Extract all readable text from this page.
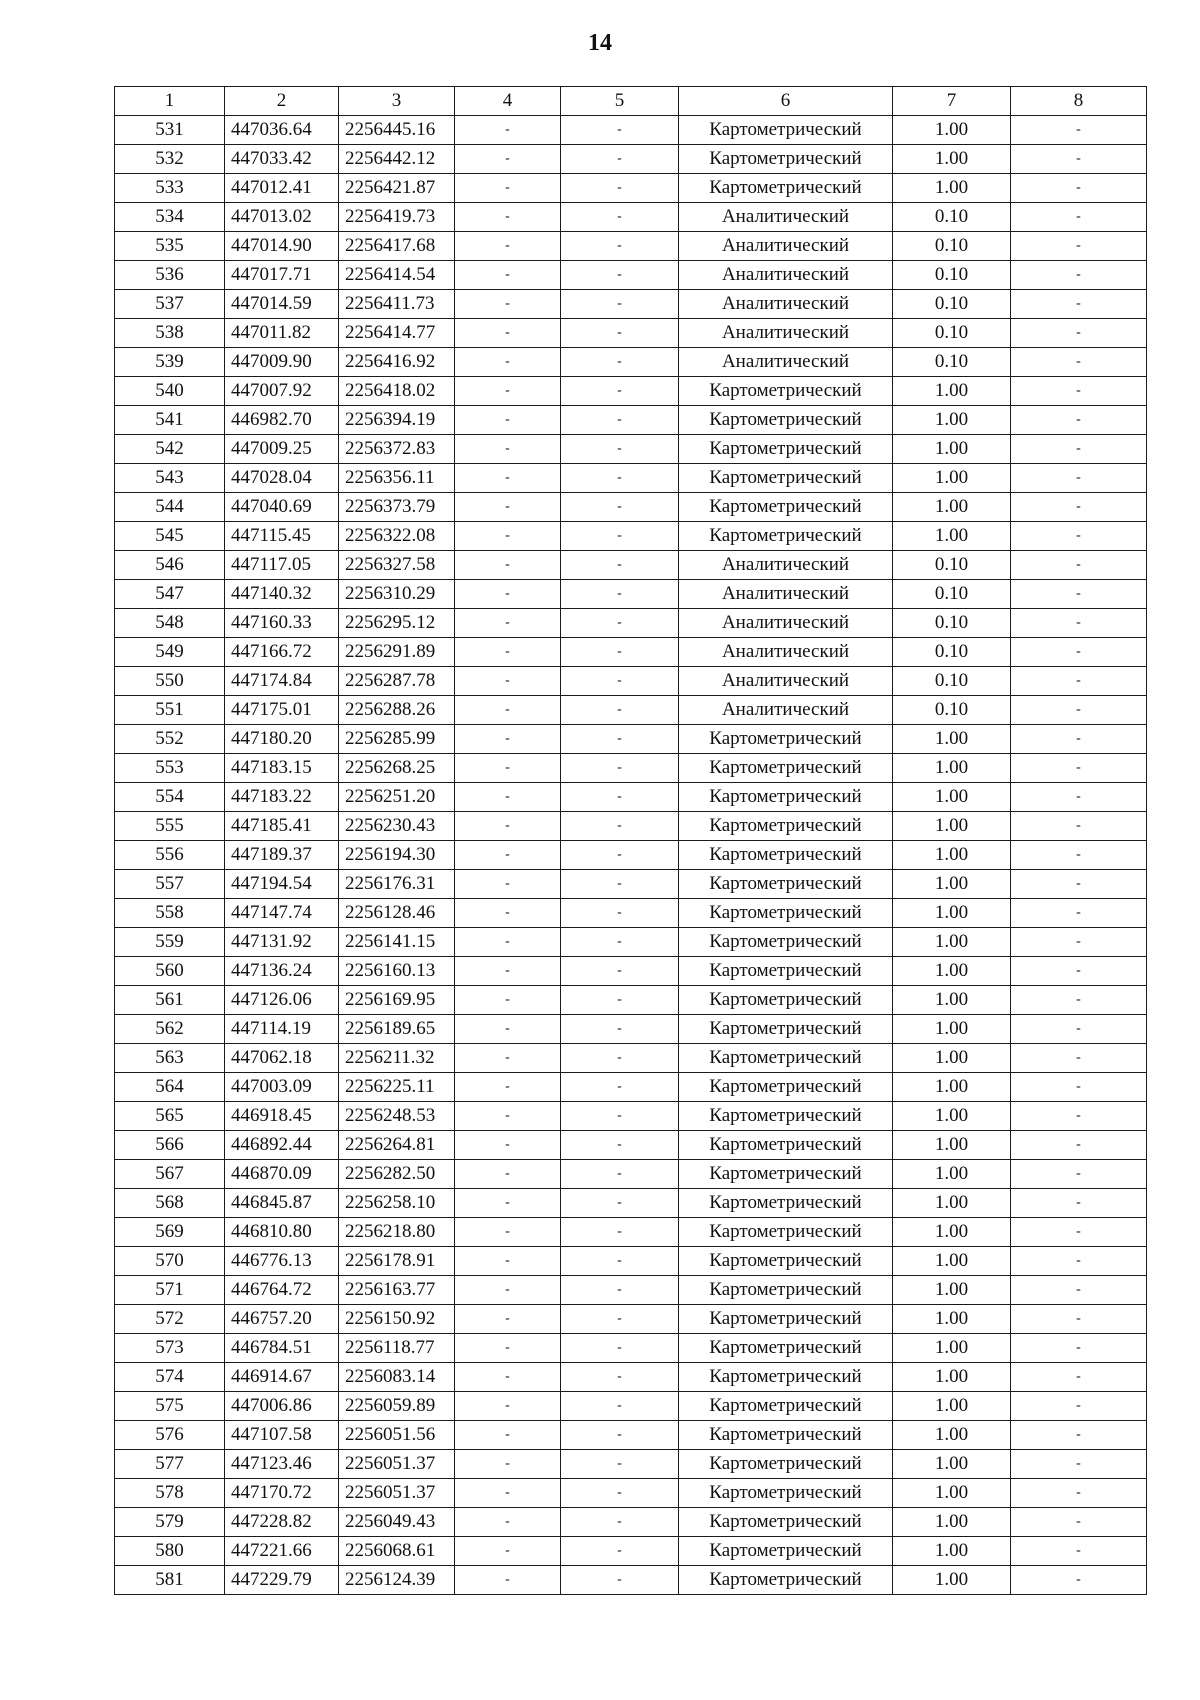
14
1	2	3	4	5	6	7	8
531	447036.64	2256445.16	-	-	Картометрический	1.00	-
532	447033.42	2256442.12	-	-	Картометрический	1.00	-
533	447012.41	2256421.87	-	-	Картометрический	1.00	-
534	447013.02	2256419.73	-	-	Аналитический	0.10	-
535	447014.90	2256417.68	-	-	Аналитический	0.10	-
536	447017.71	2256414.54	-	-	Аналитический	0.10	-
537	447014.59	2256411.73	-	-	Аналитический	0.10	-
538	447011.82	2256414.77	-	-	Аналитический	0.10	-
539	447009.90	2256416.92	-	-	Аналитический	0.10	-
540	447007.92	2256418.02	-	-	Картометрический	1.00	-
541	446982.70	2256394.19	-	-	Картометрический	1.00	-
542	447009.25	2256372.83	-	-	Картометрический	1.00	-
543	447028.04	2256356.11	-	-	Картометрический	1.00	-
544	447040.69	2256373.79	-	-	Картометрический	1.00	-
545	447115.45	2256322.08	-	-	Картометрический	1.00	-
546	447117.05	2256327.58	-	-	Аналитический	0.10	-
547	447140.32	2256310.29	-	-	Аналитический	0.10	-
548	447160.33	2256295.12	-	-	Аналитический	0.10	-
549	447166.72	2256291.89	-	-	Аналитический	0.10	-
550	447174.84	2256287.78	-	-	Аналитический	0.10	-
551	447175.01	2256288.26	-	-	Аналитический	0.10	-
552	447180.20	2256285.99	-	-	Картометрический	1.00	-
553	447183.15	2256268.25	-	-	Картометрический	1.00	-
554	447183.22	2256251.20	-	-	Картометрический	1.00	-
555	447185.41	2256230.43	-	-	Картометрический	1.00	-
556	447189.37	2256194.30	-	-	Картометрический	1.00	-
557	447194.54	2256176.31	-	-	Картометрический	1.00	-
558	447147.74	2256128.46	-	-	Картометрический	1.00	-
559	447131.92	2256141.15	-	-	Картометрический	1.00	-
560	447136.24	2256160.13	-	-	Картометрический	1.00	-
561	447126.06	2256169.95	-	-	Картометрический	1.00	-
562	447114.19	2256189.65	-	-	Картометрический	1.00	-
563	447062.18	2256211.32	-	-	Картометрический	1.00	-
564	447003.09	2256225.11	-	-	Картометрический	1.00	-
565	446918.45	2256248.53	-	-	Картометрический	1.00	-
566	446892.44	2256264.81	-	-	Картометрический	1.00	-
567	446870.09	2256282.50	-	-	Картометрический	1.00	-
568	446845.87	2256258.10	-	-	Картометрический	1.00	-
569	446810.80	2256218.80	-	-	Картометрический	1.00	-
570	446776.13	2256178.91	-	-	Картометрический	1.00	-
571	446764.72	2256163.77	-	-	Картометрический	1.00	-
572	446757.20	2256150.92	-	-	Картометрический	1.00	-
573	446784.51	2256118.77	-	-	Картометрический	1.00	-
574	446914.67	2256083.14	-	-	Картометрический	1.00	-
575	447006.86	2256059.89	-	-	Картометрический	1.00	-
576	447107.58	2256051.56	-	-	Картометрический	1.00	-
577	447123.46	2256051.37	-	-	Картометрический	1.00	-
578	447170.72	2256051.37	-	-	Картометрический	1.00	-
579	447228.82	2256049.43	-	-	Картометрический	1.00	-
580	447221.66	2256068.61	-	-	Картометрический	1.00	-
581	447229.79	2256124.39	-	-	Картометрический	1.00	-
